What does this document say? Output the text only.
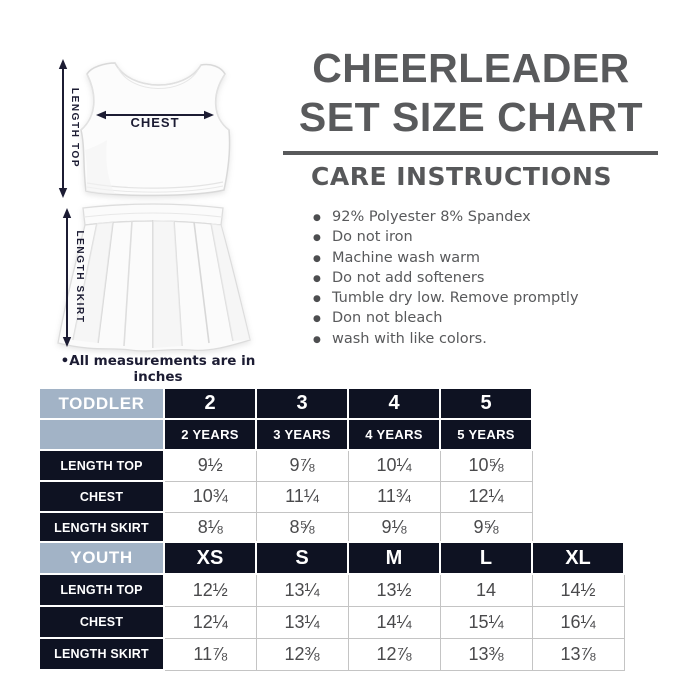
CHEST
LENGTH TOP
LENGTH SKIRT
•All measurements are in inches
CHEERLEADER
SET SIZE CHART
CARE INSTRUCTIONS
● 92% Polyester 8% Spandex
● Do not iron
● Machine wash warm
● Do not add softeners
● Tumble dry low. Remove promptly
● Don not bleach
● wash with like colors.
TODDLER	2	3	4	5
	2 YEARS	3 YEARS	4 YEARS	5 YEARS
LENGTH TOP	9½	9⅞	10¼	10⅝
CHEST	10¾	11¼	11¾	12¼
LENGTH SKIRT	8⅛	8⅝	9⅛	9⅝
YOUTH	XS	S	M	L	XL
LENGTH TOP	12½	13¼	13½	14	14½
CHEST	12¼	13¼	14¼	15¼	16¼
LENGTH SKIRT	11⅞	12⅜	12⅞	13⅜	13⅞
